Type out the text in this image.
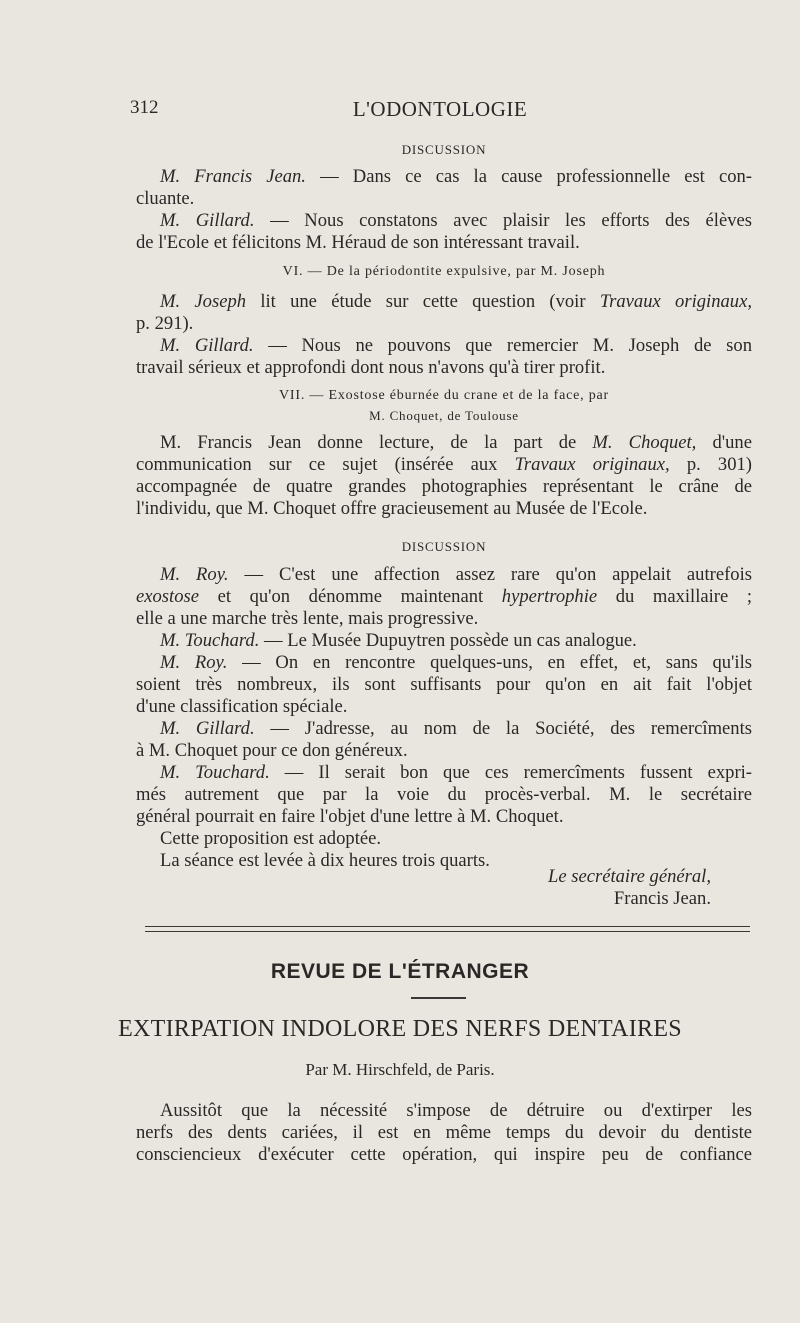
312	L'ODONTOLOGIE
DISCUSSION
M. Francis Jean. — Dans ce cas la cause professionnelle est con-
cluante.
M. Gillard. — Nous constatons avec plaisir les efforts des élèves
de l'Ecole et félicitons M. Héraud de son intéressant travail.
VI. — De la périodontite expulsive, par M. Joseph
M. Joseph lit une étude sur cette question (voir Travaux originaux,
p. 291).
M. Gillard. — Nous ne pouvons que remercier M. Joseph de son
travail sérieux et approfondi dont nous n'avons qu'à tirer profit.
VII. — Exostose éburnée du crane et de la face, par
M. Choquet, de Toulouse
M. Francis Jean donne lecture, de la part de M. Choquet, d'une
communication sur ce sujet (insérée aux Travaux originaux, p. 301)
accompagnée de quatre grandes photographies représentant le crâne de
l'individu, que M. Choquet offre gracieusement au Musée de l'Ecole.
DISCUSSION
M. Roy. — C'est une affection assez rare qu'on appelait autrefois
exostose et qu'on dénomme maintenant hypertrophie du maxillaire ;
elle a une marche très lente, mais progressive.
M. Touchard. — Le Musée Dupuytren possède un cas analogue.
M. Roy. — On en rencontre quelques-uns, en effet, et, sans qu'ils
soient très nombreux, ils sont suffisants pour qu'on en ait fait l'objet
d'une classification spéciale.
M. Gillard. — J'adresse, au nom de la Société, des remercîments
à M. Choquet pour ce don généreux.
M. Touchard. — Il serait bon que ces remercîments fussent expri-
més autrement que par la voie du procès-verbal. M. le secrétaire
général pourrait en faire l'objet d'une lettre à M. Choquet.
Cette proposition est adoptée.
La séance est levée à dix heures trois quarts.
Le secrétaire général,
Francis Jean.
REVUE DE L'ÉTRANGER
EXTIRPATION INDOLORE DES NERFS DENTAIRES
Par M. Hirschfeld, de Paris.
Aussitôt que la nécessité s'impose de détruire ou d'extirper les
nerfs des dents cariées, il est en même temps du devoir du dentiste
consciencieux d'exécuter cette opération, qui inspire peu de confiance
